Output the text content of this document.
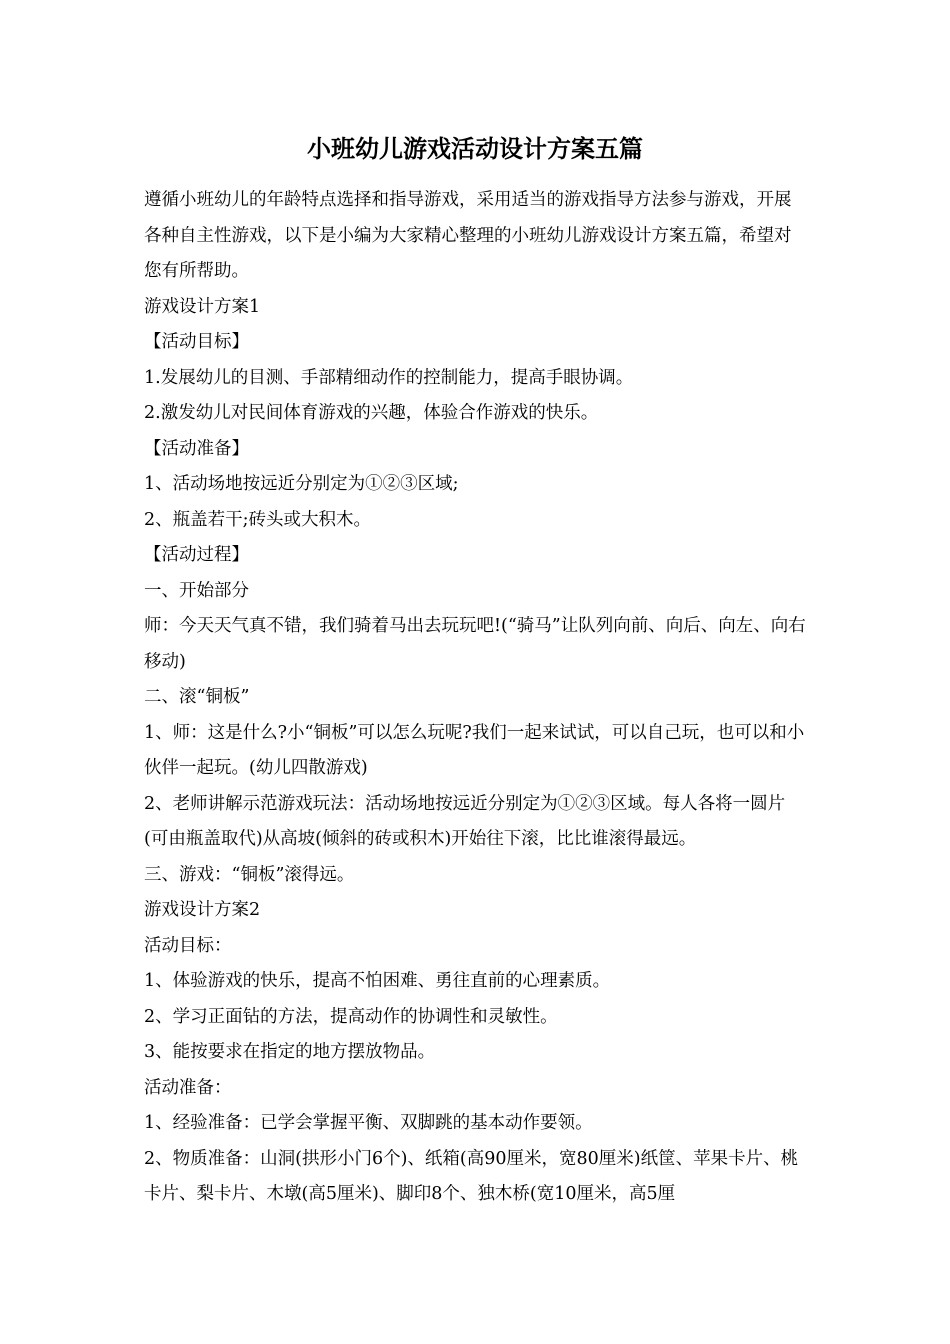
小班幼儿游戏活动设计方案五篇

遵循小班幼儿的年龄特点选择和指导游戏，采用适当的游戏指导方法参与游戏，开展各种自主性游戏，以下是小编为大家精心整理的小班幼儿游戏设计方案五篇，希望对您有所帮助。

游戏设计方案1

【活动目标】

1.发展幼儿的目测、手部精细动作的控制能力，提高手眼协调。

2.激发幼儿对民间体育游戏的兴趣，体验合作游戏的快乐。

【活动准备】

1、活动场地按远近分别定为①②③区域;

2、瓶盖若干;砖头或大积木。

【活动过程】

一、开始部分

师：今天天气真不错，我们骑着马出去玩玩吧!(“骑马”让队列向前、向后、向左、向右移动)

二、滚“铜板”

1、师：这是什么?小“铜板”可以怎么玩呢?我们一起来试试，可以自己玩，也可以和小伙伴一起玩。(幼儿四散游戏)

2、老师讲解示范游戏玩法：活动场地按远近分别定为①②③区域。每人各将一圆片(可由瓶盖取代)从高坡(倾斜的砖或积木)开始往下滚，比比谁滚得最远。

三、游戏：“铜板”滚得远。

游戏设计方案2

活动目标：

1、体验游戏的快乐，提高不怕困难、勇往直前的心理素质。

2、学习正面钻的方法，提高动作的协调性和灵敏性。

3、能按要求在指定的地方摆放物品。

活动准备：

1、经验准备：已学会掌握平衡、双脚跳的基本动作要领。

2、物质准备：山洞(拱形小门6个)、纸箱(高90厘米，宽80厘米)纸筐、苹果卡片、桃卡片、梨卡片、木墩(高5厘米)、脚印8个、独木桥(宽10厘米，高5厘
